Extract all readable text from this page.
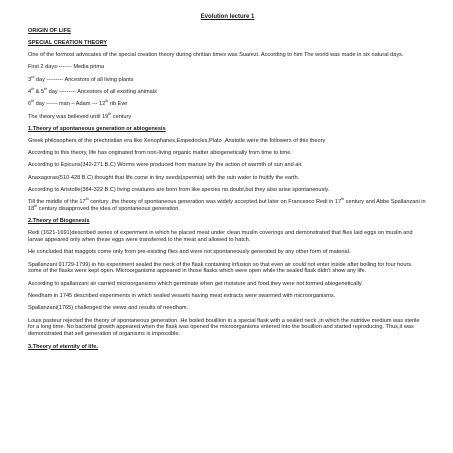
Evolution lecture 1
ORIGIN OF LIFE
SPECIAL CREATION THEORY
One of the formost advocates of the special creation theory during chritian times was Suarezi. According to him The world was made in six natural days.
First 2 days-------- Media prima
3rd day --------- Ancestors of all living plants
4th & 5th day --------- Ancestors of all existing animals
6th day ------ man – Adam --- 12th rib Eve
The theory was believed until 19th century
1.Theory of spontaneous generation or abiogenesis
Greek philosophers of the prechristian era like Xenophanes,Empedocles,Plato ,Aristotle were the followers of this theory
According to this theory, life has originated from non-living organic matter abiogenetically from time to time.
According to Epicuris(342-271.B.C) Worms were produced from manure by the action of warmth of sun and air.
Anaxagoras(510-428 B.C) thought that life come in tiny seeds(spermia) with the rain water to fruitify the earth.
According to Aristotle(384-322 B.C) living creatures are born from like species no doubt,but they also arise spontaneously.
Till the middle of the 17th century ,the theory of spontaneous generation was widely accepted.but later on Francesco Redi in 17th century and Abbe Spallanzani in 18th century disapproved the idea of spontaneous generation.
2.Theory of Biogenesis
Redi (1621-1691)described series of experiment in which he placed meat under clean muslin coverings and demonstrated that flies laid eggs on muslin and larvae appeared only when these eggs were transferred to the meat and allowed to hatch.
He concluded that maggots come only from pre-existing flies and were not spontaneously generated by any other form of material.
Spallanzani 91729-1799) in his experiment sealed the neck of the flask containing infusion so that even air could not enter inside after boiling for four hours. some of the flasks were kept open. Microorganisms appeared in those flasks which were open while the sealed flask didn't show any life.
According to spallanzani air carried microorganisms which germinate when get moisture and food.they were not formed abiogenetically.
Needham in 1745 described experiments in which sealed vessels having meat extracts were swarmed with microorganisms.
Spallanzani(1765) challenged the views and results of needham.
Louis pasteur rejected the theory of spontaneous generation. He boiled bouillion in a special flask with a sealed neck ,in which the nutritive medium was sterile for a long time. No bacterial growth appeared.when the flask was opened the microorganisms entered into the bouillion and started reproducing. Thus,it was demonstrated that self generation of organisms is impossible.
3.Theory of eternity of life.
